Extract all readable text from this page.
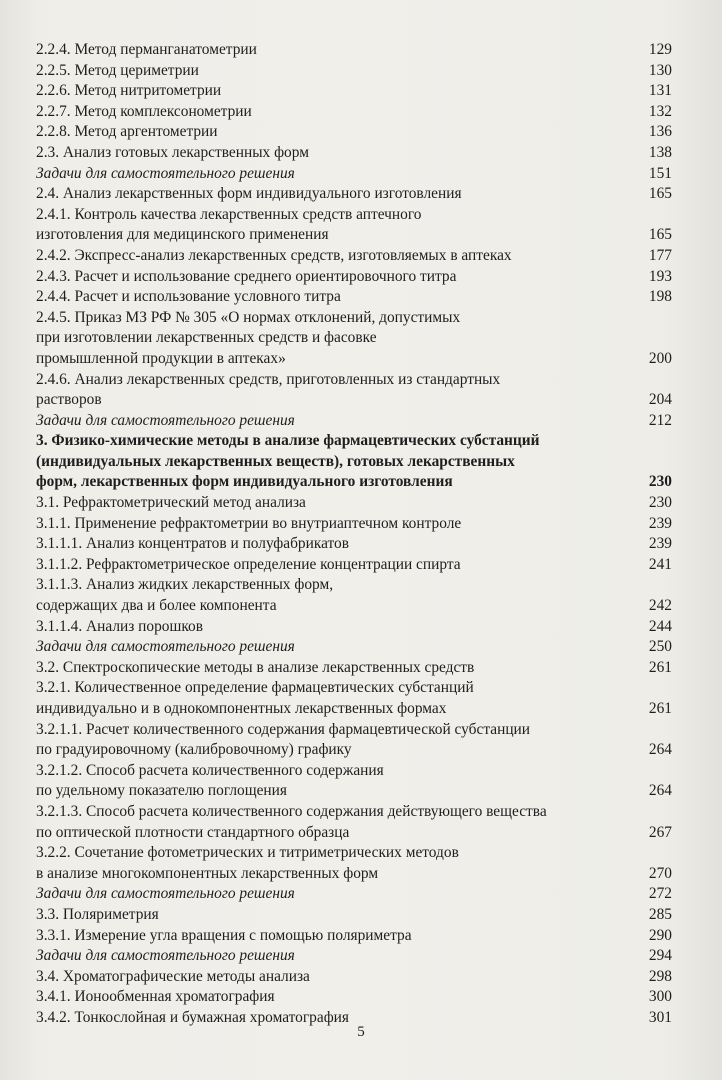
2.2.4. Метод перманганатометрии	129
2.2.5. Метод цериметрии	130
2.2.6. Метод нитритометрии	131
2.2.7. Метод комплексонометрии	132
2.2.8. Метод аргентометрии	136
2.3. Анализ готовых лекарственных форм	138
Задачи для самостоятельного решения	151
2.4. Анализ лекарственных форм индивидуального изготовления	165
2.4.1. Контроль качества лекарственных средств аптечного
изготовления для медицинского применения	165
2.4.2. Экспресс-анализ лекарственных средств, изготовляемых в аптеках	177
2.4.3. Расчет и использование среднего ориентировочного титра	193
2.4.4. Расчет и использование условного титра	198
2.4.5. Приказ МЗ РФ № 305 «О нормах отклонений, допустимых
при изготовлении лекарственных средств и фасовке
промышленной продукции в аптеках»	200
2.4.6. Анализ лекарственных средств, приготовленных из стандартных
растворов	204
Задачи для самостоятельного решения	212
3. Физико-химические методы в анализе фармацевтических субстанций
(индивидуальных лекарственных веществ), готовых лекарственных
форм, лекарственных форм индивидуального изготовления	230
3.1. Рефрактометрический метод анализа	230
3.1.1. Применение рефрактометрии во внутриаптечном контроле	239
3.1.1.1. Анализ концентратов и полуфабрикатов	239
3.1.1.2. Рефрактометрическое определение концентрации спирта	241
3.1.1.3. Анализ жидких лекарственных форм,
содержащих два и более компонента	242
3.1.1.4. Анализ порошков	244
Задачи для самостоятельного решения	250
3.2. Спектроскопические методы в анализе лекарственных средств	261
3.2.1. Количественное определение фармацевтических субстанций
индивидуально и в однокомпонентных лекарственных формах	261
3.2.1.1. Расчет количественного содержания фармацевтической субстанции
по градуировочному (калибровочному) графику	264
3.2.1.2. Способ расчета количественного содержания
по удельному показателю поглощения	264
3.2.1.3. Способ расчета количественного содержания действующего вещества
по оптической плотности стандартного образца	267
3.2.2. Сочетание фотометрических и титриметрических методов
в анализе многокомпонентных лекарственных форм	270
Задачи для самостоятельного решения	272
3.3. Поляриметрия	285
3.3.1. Измерение угла вращения с помощью поляриметра	290
Задачи для самостоятельного решения	294
3.4. Хроматографические методы анализа	298
3.4.1. Ионообменная хроматография	300
3.4.2. Тонкослойная и бумажная хроматография	301
5
